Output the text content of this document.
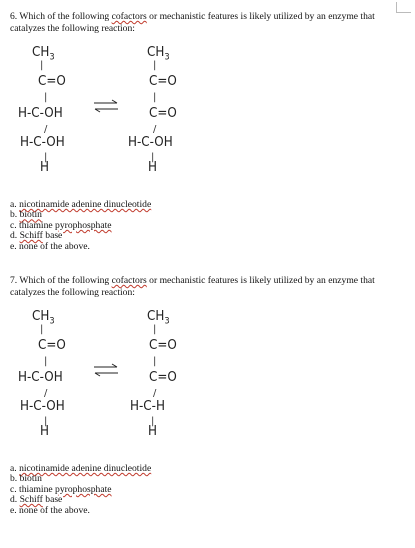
6. Which of the following cofactors or mechanistic features is likely utilized by an enzyme that catalyzes the following reaction:

$CH_3$
|
C=O
|
H-C-OH
/
H-C-OH
|
H
$CH_3$
|
C=O
|
C=O
/
H-C-OH
|
H

a. nicotinamide adenine dinucleotide

b. biotin

c. thiamine pyrophosphate

d. Schiff base

e. none of the above.

7. Which of the following cofactors or mechanistic features is likely utilized by an enzyme that catalyzes the following reaction:

$CH_3$
|
C=O
|
H-C-OH
/
H-C-OH
|
H
$CH_3$
|
C=O
|
C=O
/
H-C-H
|
H

a. nicotinamide adenine dinucleotide

b. biotin

c. thiamine pyrophosphate

d. Schiff base

e. none of the above.
